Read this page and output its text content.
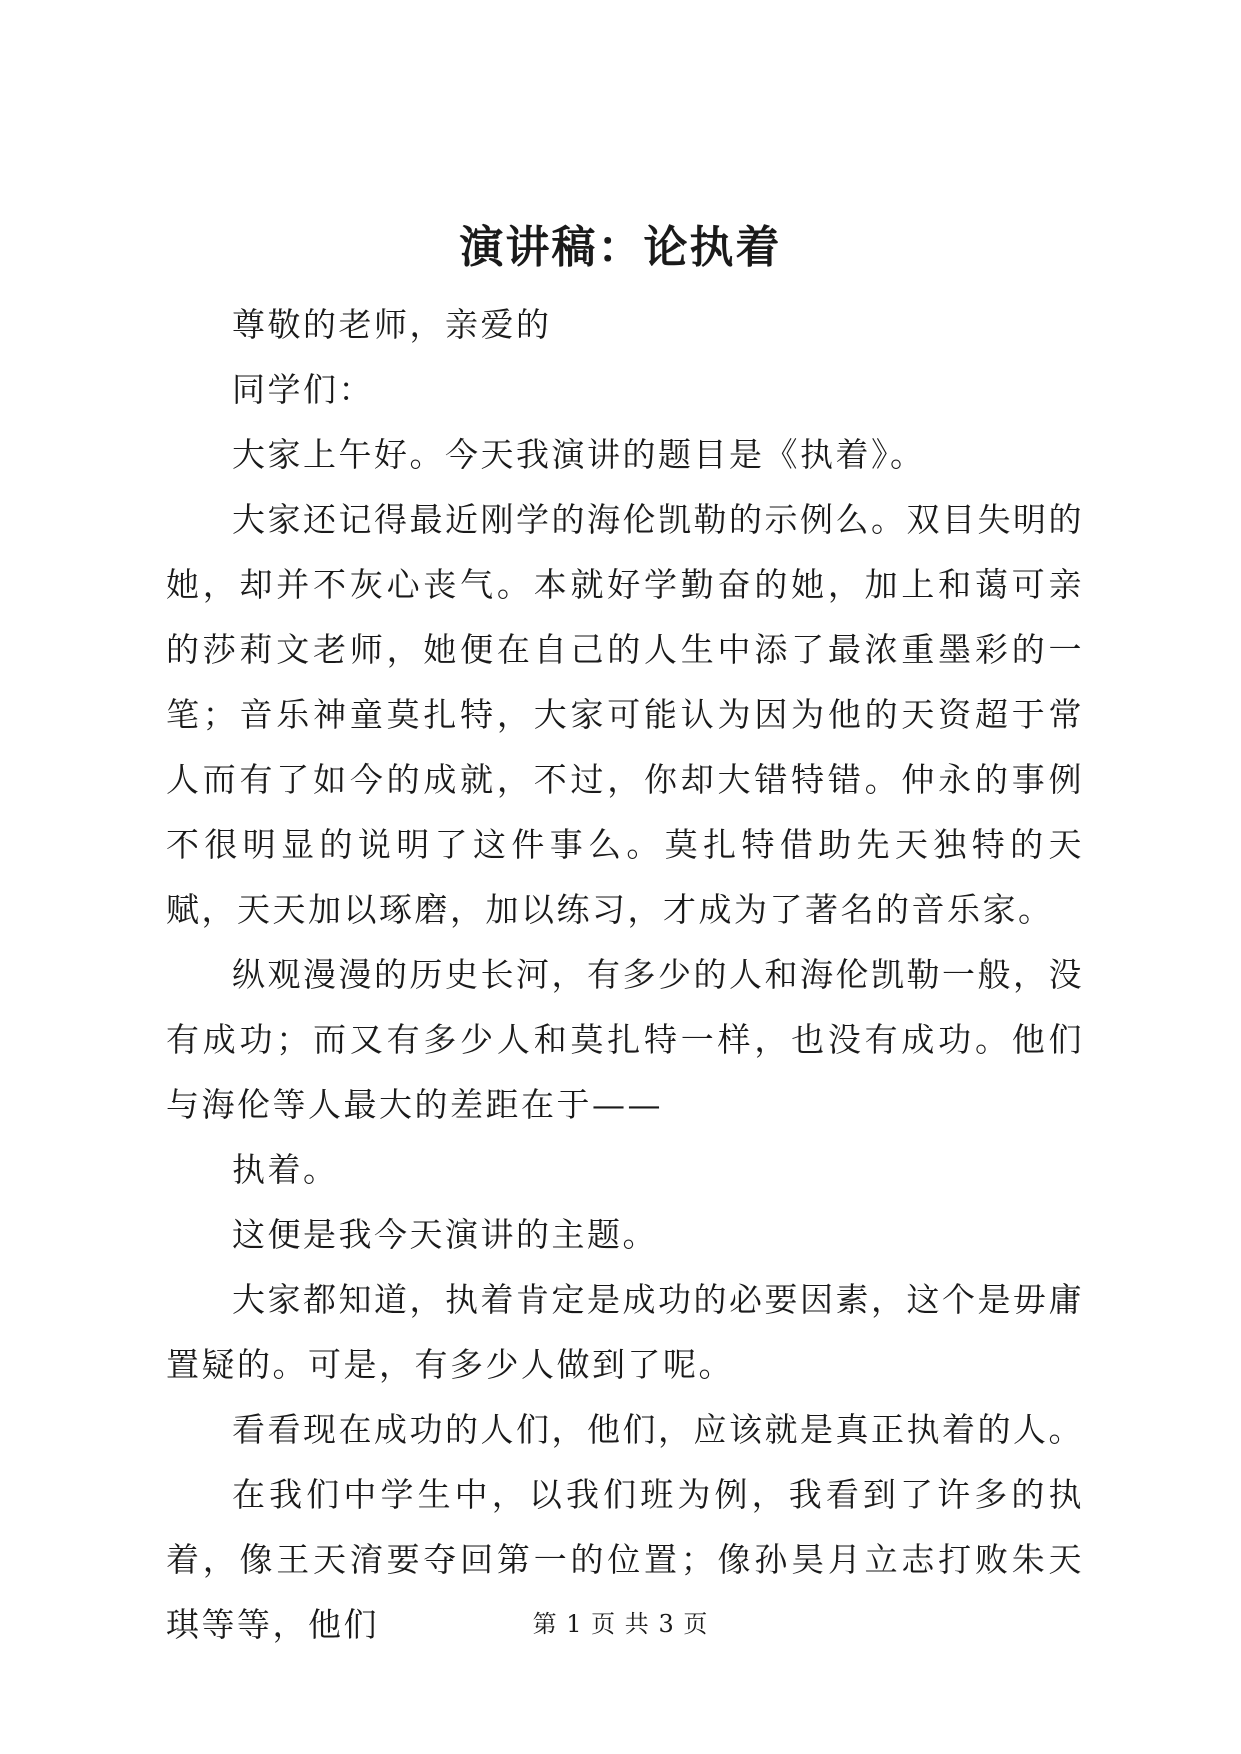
演讲稿：论执着

尊敬的老师，亲爱的

同学们：

大家上午好。今天我演讲的题目是《执着》。

大家还记得最近刚学的海伦凯勒的示例么。双目失明的她，却并不灰心丧气。本就好学勤奋的她，加上和蔼可亲的莎莉文老师，她便在自己的人生中添了最浓重墨彩的一笔；音乐神童莫扎特，大家可能认为因为他的天资超于常人而有了如今的成就，不过，你却大错特错。仲永的事例不很明显的说明了这件事么。莫扎特借助先天独特的天赋，天天加以琢磨，加以练习，才成为了著名的音乐家。

纵观漫漫的历史长河，有多少的人和海伦凯勒一般，没有成功；而又有多少人和莫扎特一样，也没有成功。他们与海伦等人最大的差距在于——

执着。

这便是我今天演讲的主题。

大家都知道，执着肯定是成功的必要因素，这个是毋庸置疑的。可是，有多少人做到了呢。

看看现在成功的人们，他们，应该就是真正执着的人。

在我们中学生中，以我们班为例，我看到了许多的执着，像王天淯要夺回第一的位置；像孙昊月立志打败朱天琪等等，他们	第 1 页 共 3 页
